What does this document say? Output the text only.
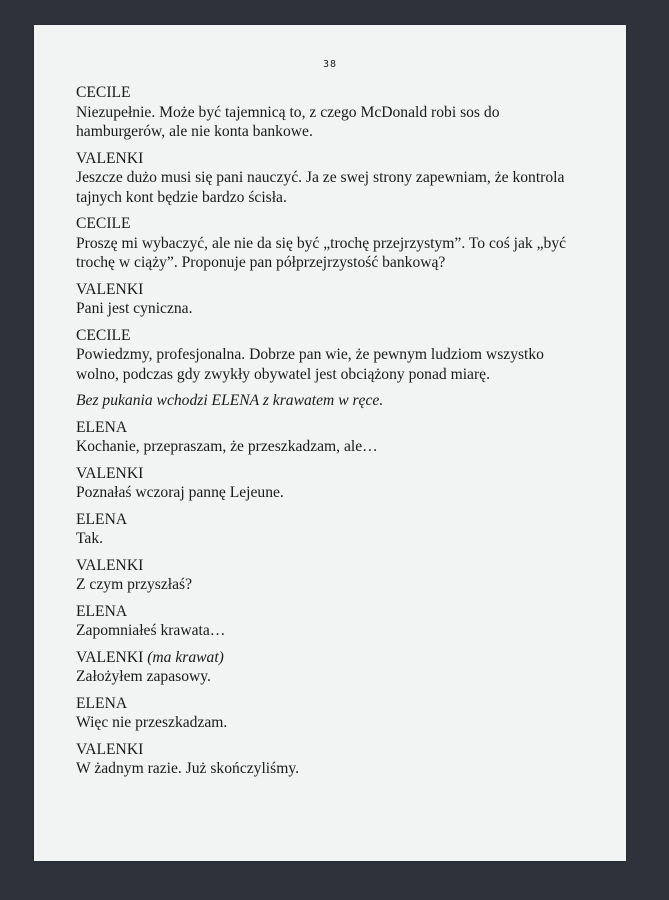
38
CECILE
Niezupełnie. Może być tajemnicą to, z czego McDonald robi sos do
hamburgerów, ale nie konta bankowe.
VALENKI
Jeszcze dużo musi się pani nauczyć. Ja ze swej strony zapewniam, że kontrola
tajnych kont będzie bardzo ścisła.
CECILE
Proszę mi wybaczyć, ale nie da się być „trochę przejrzystym”. To coś jak „być
trochę w ciąży”. Proponuje pan półprzejrzystość bankową?
VALENKI
Pani jest cyniczna.
CECILE
Powiedzmy, profesjonalna. Dobrze pan wie, że pewnym ludziom wszystko
wolno, podczas gdy zwykły obywatel jest obciążony ponad miarę.
Bez pukania wchodzi ELENA z krawatem w ręce.
ELENA
Kochanie, przepraszam, że przeszkadzam, ale…
VALENKI
Poznałaś wczoraj pannę Lejeune.
ELENA
Tak.
VALENKI
Z czym przyszłaś?
ELENA
Zapomniałeś krawata…
VALENKI (ma krawat)
Założyłem zapasowy.
ELENA
Więc nie przeszkadzam.
VALENKI
W żadnym razie. Już skończyliśmy.
